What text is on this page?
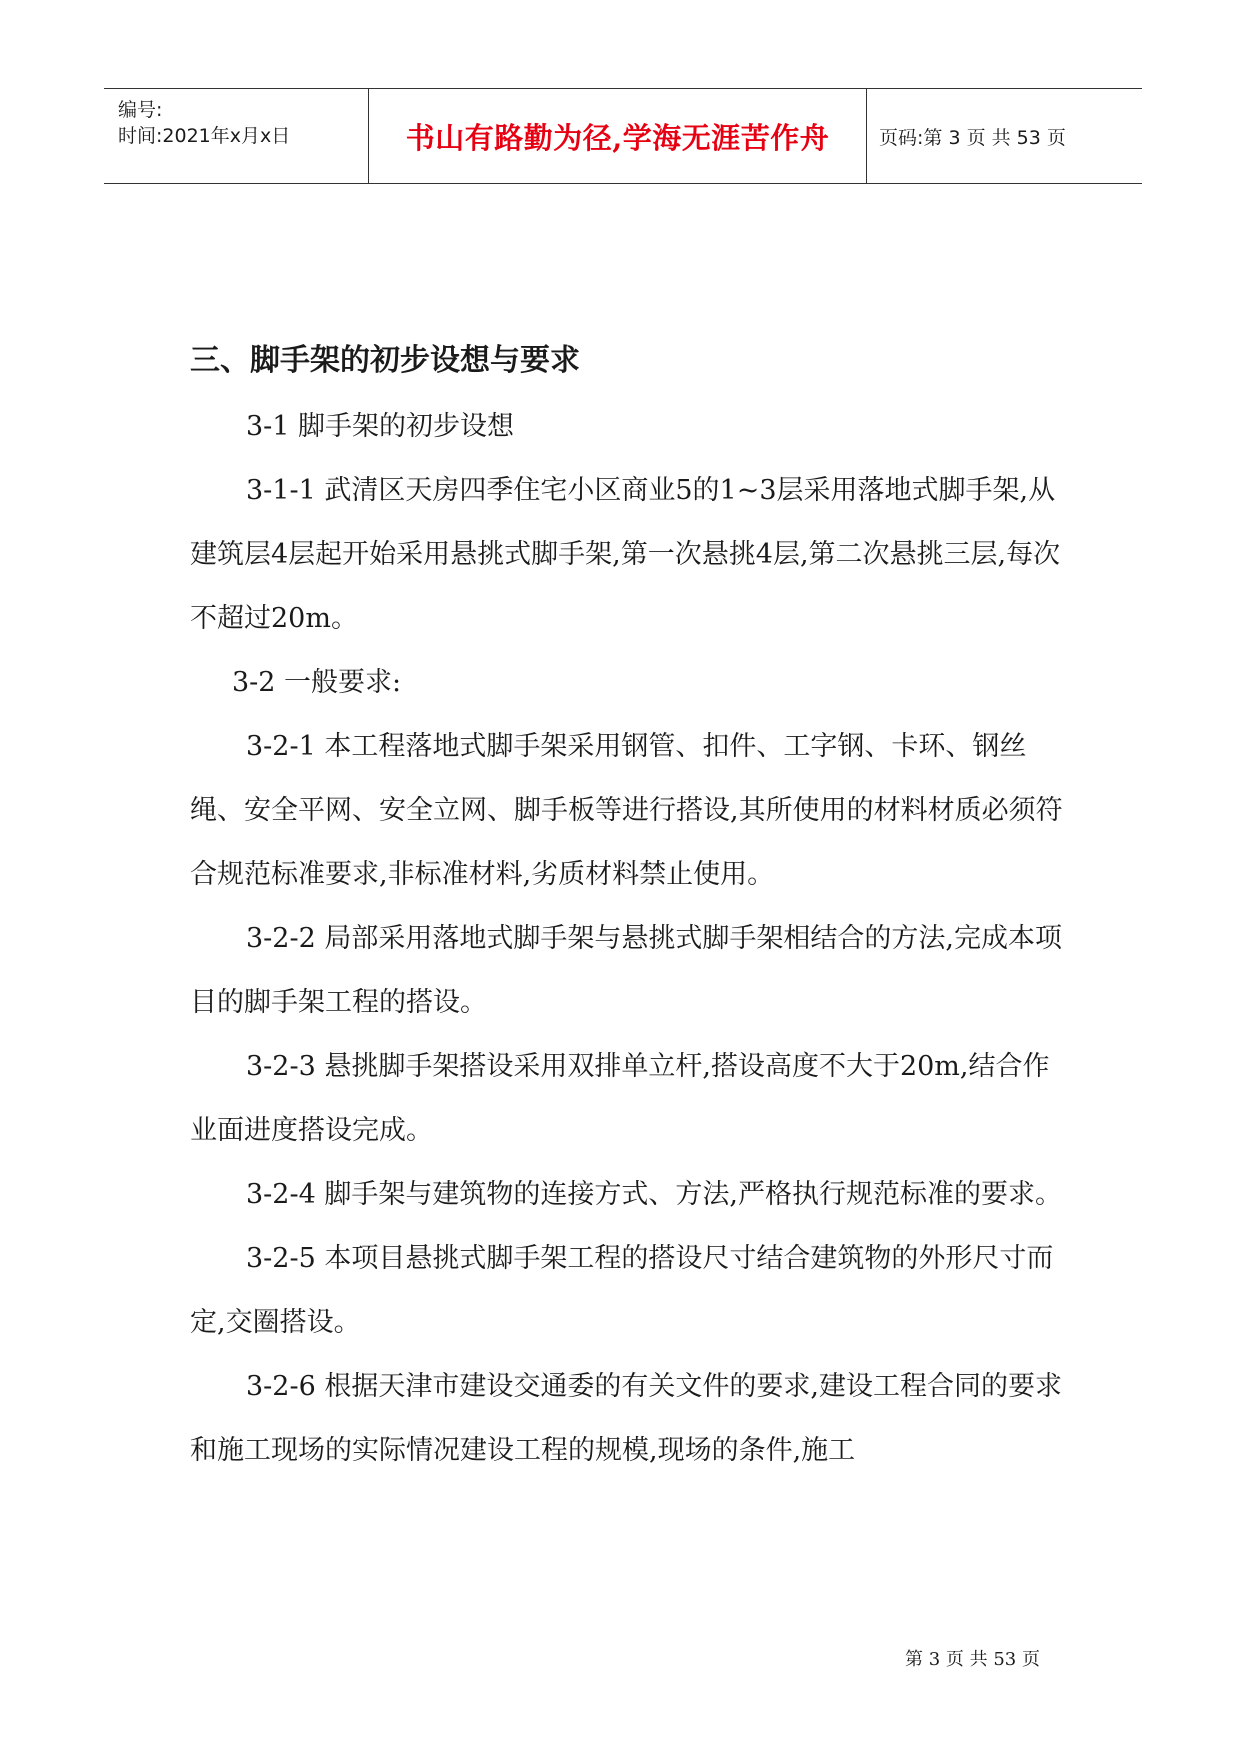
编号:
时间:2021年x月x日	书山有路勤为径,学海无涯苦作舟	页码:第 3 页 共 53 页
三、脚手架的初步设想与要求

3-1 脚手架的初步设想

3-1-1 武清区天房四季住宅小区商业5的1~3层采用落地式脚手架,从建筑层4层起开始采用悬挑式脚手架,第一次悬挑4层,第二次悬挑三层,每次不超过20m。

3-2 一般要求:

3-2-1 本工程落地式脚手架采用钢管、扣件、工字钢、卡环、钢丝绳、安全平网、安全立网、脚手板等进行搭设,其所使用的材料材质必须符合规范标准要求,非标准材料,劣质材料禁止使用。

3-2-2 局部采用落地式脚手架与悬挑式脚手架相结合的方法,完成本项目的脚手架工程的搭设。

3-2-3 悬挑脚手架搭设采用双排单立杆,搭设高度不大于20m,结合作业面进度搭设完成。

3-2-4 脚手架与建筑物的连接方式、方法,严格执行规范标准的要求。

3-2-5 本项目悬挑式脚手架工程的搭设尺寸结合建筑物的外形尺寸而定,交圈搭设。

3-2-6 根据天津市建设交通委的有关文件的要求,建设工程合同的要求和施工现场的实际情况建设工程的规模,现场的条件,施工

第 3 页 共 53 页
